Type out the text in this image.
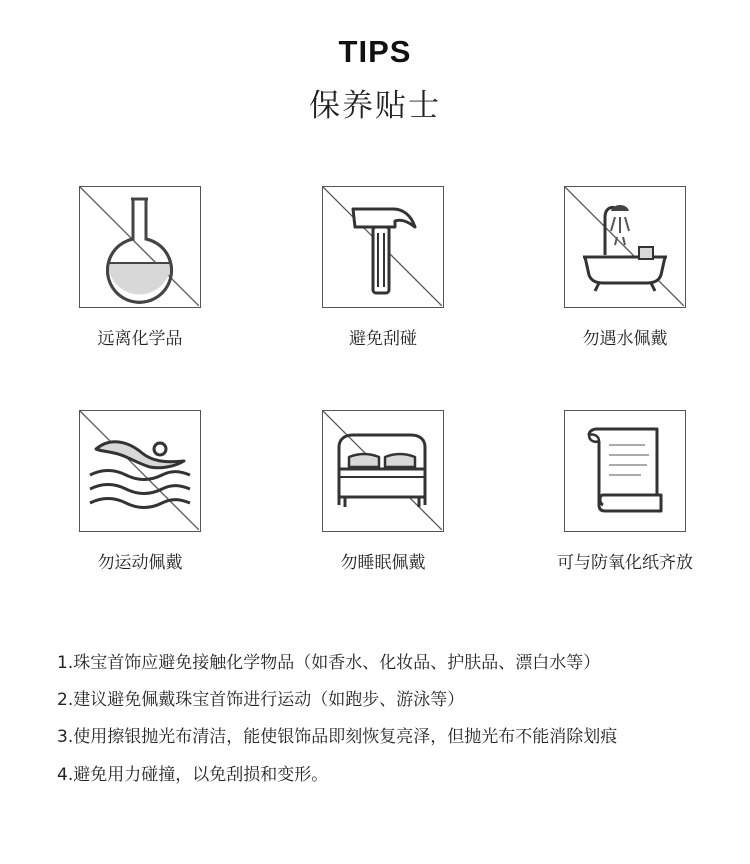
TIPS
保养贴士
远离化学品	避免刮碰	勿遇水佩戴
勿运动佩戴	勿睡眠佩戴	可与防氧化纸齐放
1.珠宝首饰应避免接触化学物品（如香水、化妆品、护肤品、漂白水等）
2.建议避免佩戴珠宝首饰进行运动（如跑步、游泳等）
3.使用擦银抛光布清洁，能使银饰品即刻恢复亮泽，但抛光布不能消除划痕
4.避免用力碰撞，以免刮损和变形。
